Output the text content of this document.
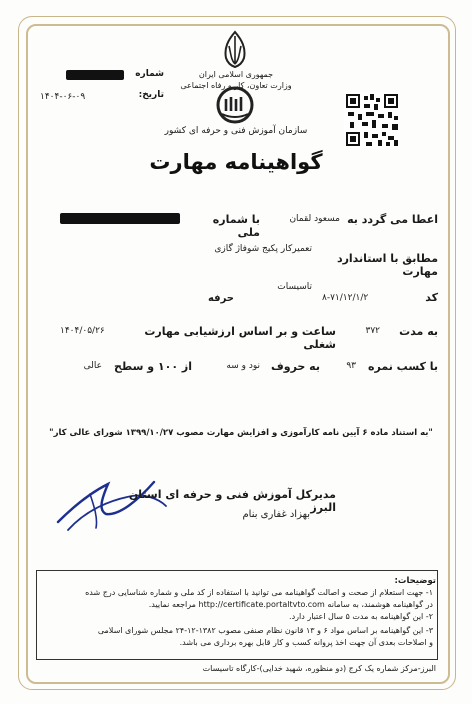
جمهوری اسلامی ایران
وزارت تعاون، کار و رفاه اجتماعی
شماره
۱۴۰۴-۰۶-۰۹	تاریخ:
سازمان آموزش فنی و حرفه ای کشور
گواهینامه مهارت
اعطا می گردد به
مسعود لقمان
با شماره ملی
مطابق با استاندارد مهارت
تعمیرکار پکیج شوفاژ گازی
تاسیسات
حرفه	کد
۸-۷۱/۱۲/۱/۲
به مدت
۳۷۲
ساعت و بر اساس ارزشیابی مهارت شغلی
۱۴۰۴/۰۵/۲۶
با کسب نمره
۹۳
به حروف
نود و سه
از ۱۰۰ و سطح
عالی
"به استناد ماده ۶ آیین نامه کارآموزی و افزایش مهارت مصوب ۱۳۹۹/۱۰/۲۷ شورای عالی کار"
مدیرکل آموزش فنی و حرفه ای استان البرز
بهزاد غفاری بنام
توضیحات:
۱- جهت استعلام از صحت و اصالت گواهینامه می توانید با استفاده از کد ملی و شماره شناسایی درج شده
در گواهینامه هوشمند، به سامانه http://certificate.portaltvto.com مراجعه نمایید.
۲- این گواهینامه به مدت ۵ سال اعتبار دارد.
۳- این گواهینامه بر اساس مواد ۶ و ۱۳ قانون نظام صنفی مصوب ۱۳۸۲-۱۲-۲۴ مجلس شورای اسلامی
و اصلاحات بعدی آن جهت اخذ پروانه کسب و کار قابل بهره برداری می باشد.
البرز-مرکز شماره یک کرج (دو منظوره، شهید خدایی)-کارگاه تاسیسات
